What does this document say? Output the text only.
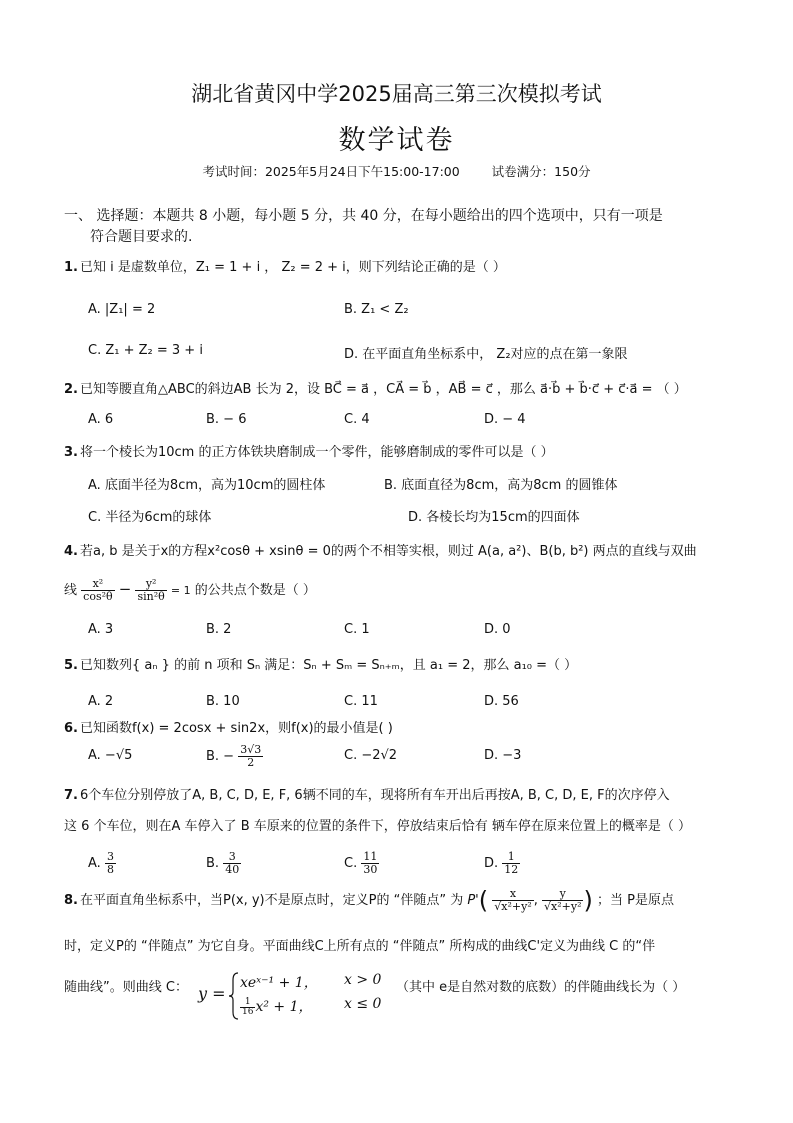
湖北省黄冈中学2025届高三第三次模拟考试
数学试卷
考试时间：2025年5月24日下午15:00-17:00	试卷满分：150分
一、 选择题：本题共 8 小题，每小题 5 分，共 40 分，在每小题给出的四个选项中，只有一项是
符合题目要求的.
1. 已知 i 是虚数单位，Z₁ = 1 + i ， Z₂ = 2 + i，则下列结论正确的是（ ）
A. |Z₁| = 2	B. Z₁ < Z₂
C. Z₁ + Z₂ = 3 + i	D. 在平面直角坐标系中， Z₂对应的点在第一象限
2. 已知等腰直角△ABC的斜边AB 长为 2，设 BC⃗ = a⃗ ，CA⃗ = b⃗ ，AB⃗ = c⃗ ，那么 a⃗·b⃗ + b⃗·c⃗ + c⃗·a⃗ = （ ）
A. 6	B. − 6	C. 4	D. − 4
3. 将一个棱长为10cm 的正方体铁块磨制成一个零件，能够磨制成的零件可以是（ ）
A. 底面半径为8cm，高为10cm的圆柱体	B. 底面直径为8cm，高为8cm 的圆锥体
C. 半径为6cm的球体	D. 各棱长均为15cm的四面体
4. 若a, b 是关于x的方程x²cosθ + xsinθ = 0的两个不相等实根，则过 A(a, a²)、B(b, b²) 两点的直线与双曲
线 $\frac{\text{x²}}{\text{cos²θ}} - \frac{\text{y²}}{\text{sin²θ}} = 1$ 的公共点个数是（ ）
A. 3	B. 2	C. 1	D. 0
5. 已知数列{ aₙ } 的前 n 项和 Sₙ 满足：Sₙ + Sₘ = Sₙ₊ₘ，且 a₁ = 2，那么 a₁₀ =（ ）
A. 2	B. 10	C. 11	D. 56
6. 已知函数f(x) = 2cosx + sin2x，则f(x)的最小值是( )
A. −√5	B. − $\frac{3√3}{2}$	C. −2√2	D. −3
7. 6个车位分别停放了A, B, C, D, E, F, 6辆不同的车，现将所有车开出后再按A, B, C, D, E, F的次序停入
这 6 个车位，则在A 车停入了 B 车原来的位置的条件下，停放结束后恰有 辆车停在原来位置上的概率是（ ）
A. $\frac{3}{8}$	B. $\frac{3}{40}$	C. $\frac{11}{30}$	D. $\frac{1}{12}$
8. 在平面直角坐标系中，当P(x, y)不是原点时，定义P的 “伴随点” 为 $P'( \frac{x}{\text{√x²+y²}}$ , $\frac{y}{\text{√x²+y²}}$ ) ；当 P是原点
时，定义P的 “伴随点” 为它自身。平面曲线C上所有点的 “伴随点” 所构成的曲线C'定义为曲线 C 的“伴
随曲线”。则曲线 C： y =
xeˣ⁻¹ + 1， x > 0
$\frac{1}{16} x^2 + 1$， x ≤ 0
（其中 e是自然对数的底数）的伴随曲线长为（ ）
